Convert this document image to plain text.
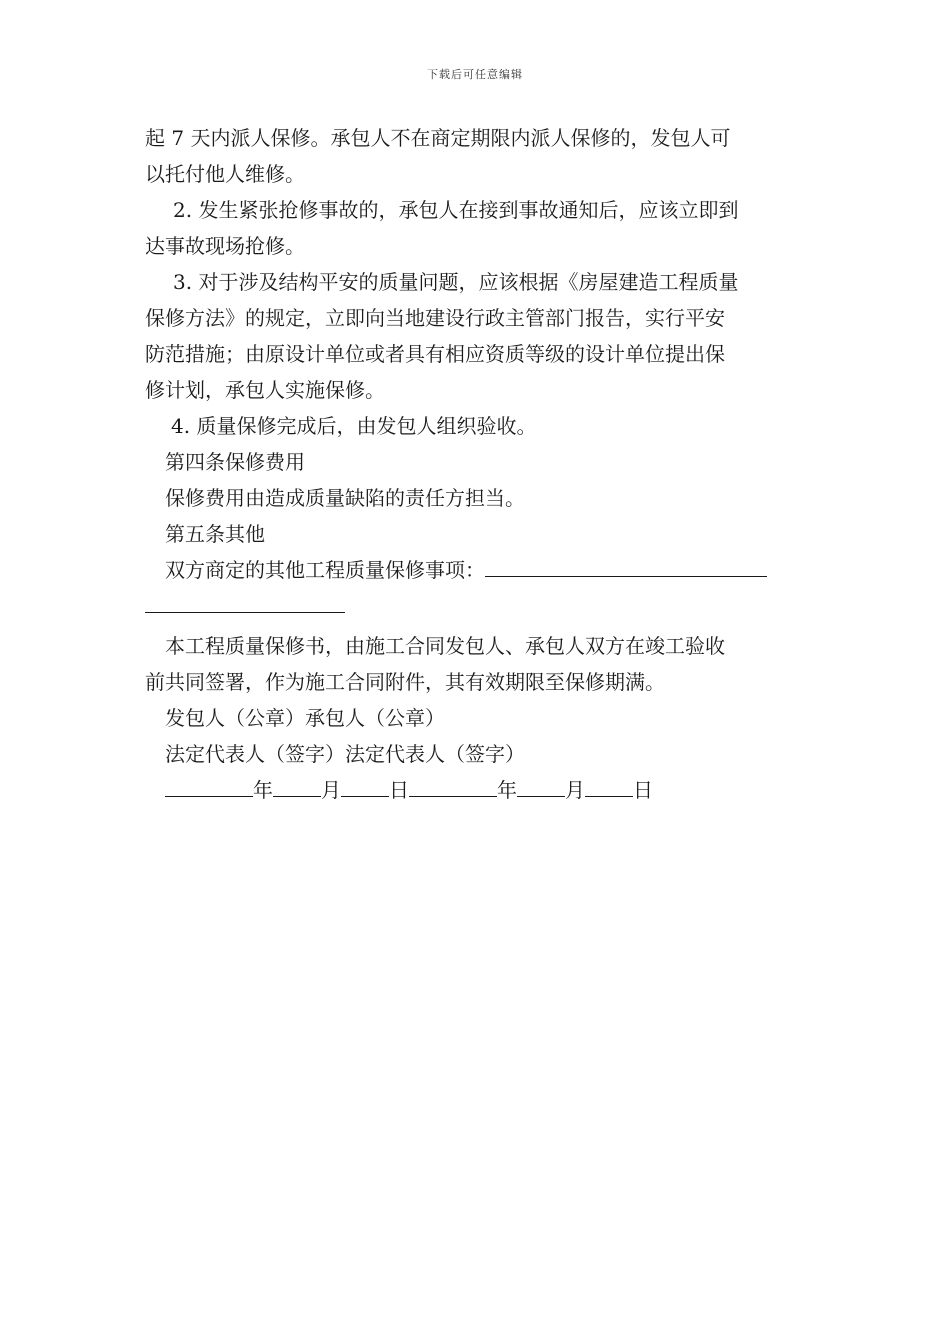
下载后可任意编辑
起 7 天内派人保修。承包人不在商定期限内派人保修的，发包人可
以托付他人维修。
2. 发生紧张抢修事故的，承包人在接到事故通知后，应该立即到
达事故现场抢修。
3. 对于涉及结构平安的质量问题，应该根据《房屋建造工程质量
保修方法》的规定，立即向当地建设行政主管部门报告，实行平安
防范措施；由原设计单位或者具有相应资质等级的设计单位提出保
修计划，承包人实施保修。
4. 质量保修完成后，由发包人组织验收。
第四条保修费用
保修费用由造成质量缺陷的责任方担当。
第五条其他
双方商定的其他工程质量保修事项：
本工程质量保修书，由施工合同发包人、承包人双方在竣工验收
前共同签署，作为施工合同附件，其有效期限至保修期满。
发包人（公章）承包人（公章）
法定代表人（签字）法定代表人（签字）
年 月 日	年 月 日
